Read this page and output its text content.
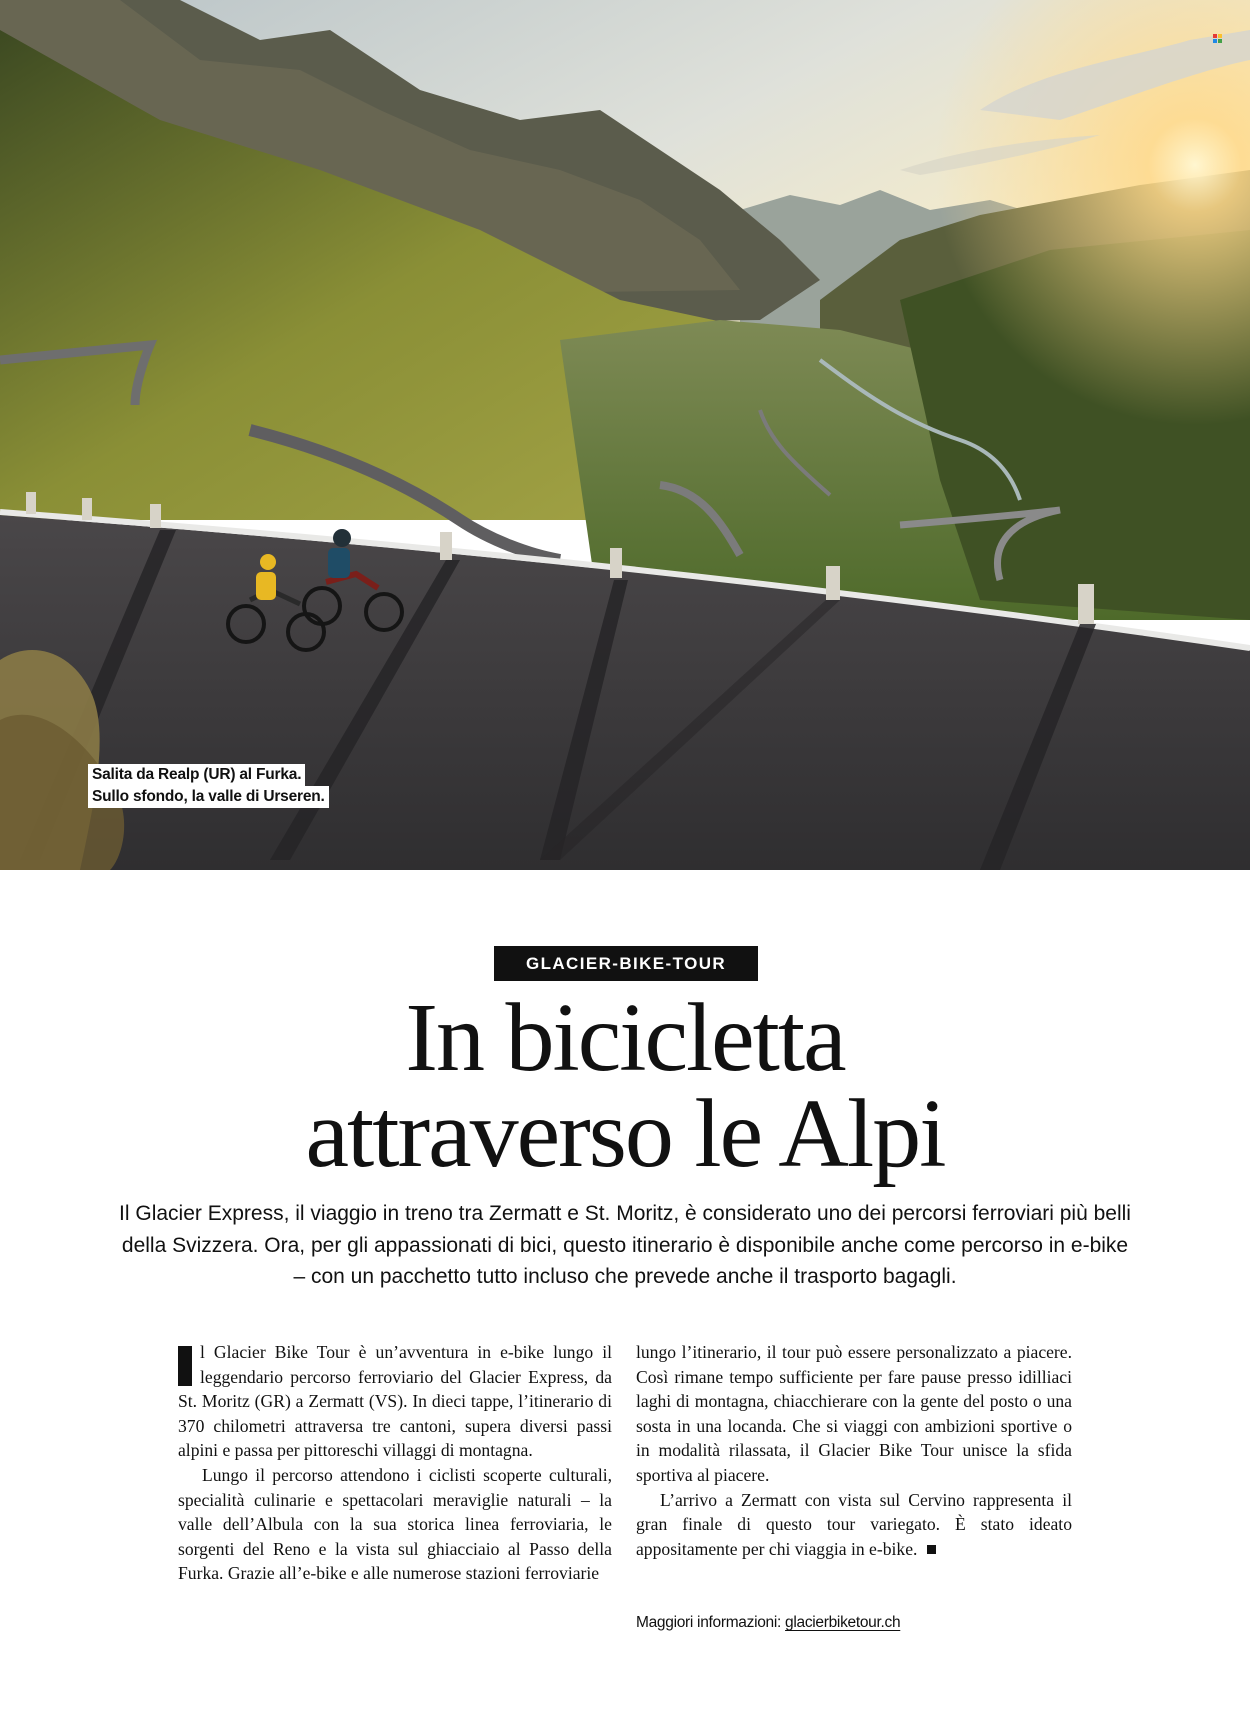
Salita da Realp (UR) al Furka.
Sullo sfondo, la valle di Urseren.
GLACIER-BIKE-TOUR
In bicicletta
attraverso le Alpi

Il Glacier Express, il viaggio in treno tra Zermatt e St. Moritz, è considerato uno dei percorsi ferroviari più belli della Svizzera. Ora, per gli appassionati di bici, questo itinerario è disponibile anche come percorso in e-bike – con un pacchetto tutto incluso che prevede anche il trasporto bagagli.

l Glacier Bike Tour è un’avventura in e-bike lungo il leggendario percorso ferroviario del Glacier Express, da St. Moritz (GR) a Zermatt (VS). In dieci tappe, l’itinerario di 370 chilometri attraversa tre cantoni, supera diversi passi alpini e passa per pittoreschi villaggi di montagna.

Lungo il percorso attendono i ciclisti scoperte culturali, specialità culinarie e spettacolari meraviglie naturali – la valle dell’Albula con la sua storica linea ferroviaria, le sorgenti del Reno e la vista sul ghiacciaio al Passo della Furka. Grazie all’e-bike e alle numerose stazioni ferroviarie

lungo l’itinerario, il tour può essere personalizzato a piacere. Così rimane tempo sufficiente per fare pause presso idilliaci laghi di montagna, chiacchierare con la gente del posto o una sosta in una locanda. Che si viaggi con ambizioni sportive o in modalità rilassata, il Glacier Bike Tour unisce la sfida sportiva al piacere.

L’arrivo a Zermatt con vista sul Cervino rappresenta il gran finale di questo tour variegato. È stato ideato appositamente per chi viaggia in e-bike.

Maggiori informazioni: glacierbiketour.ch
